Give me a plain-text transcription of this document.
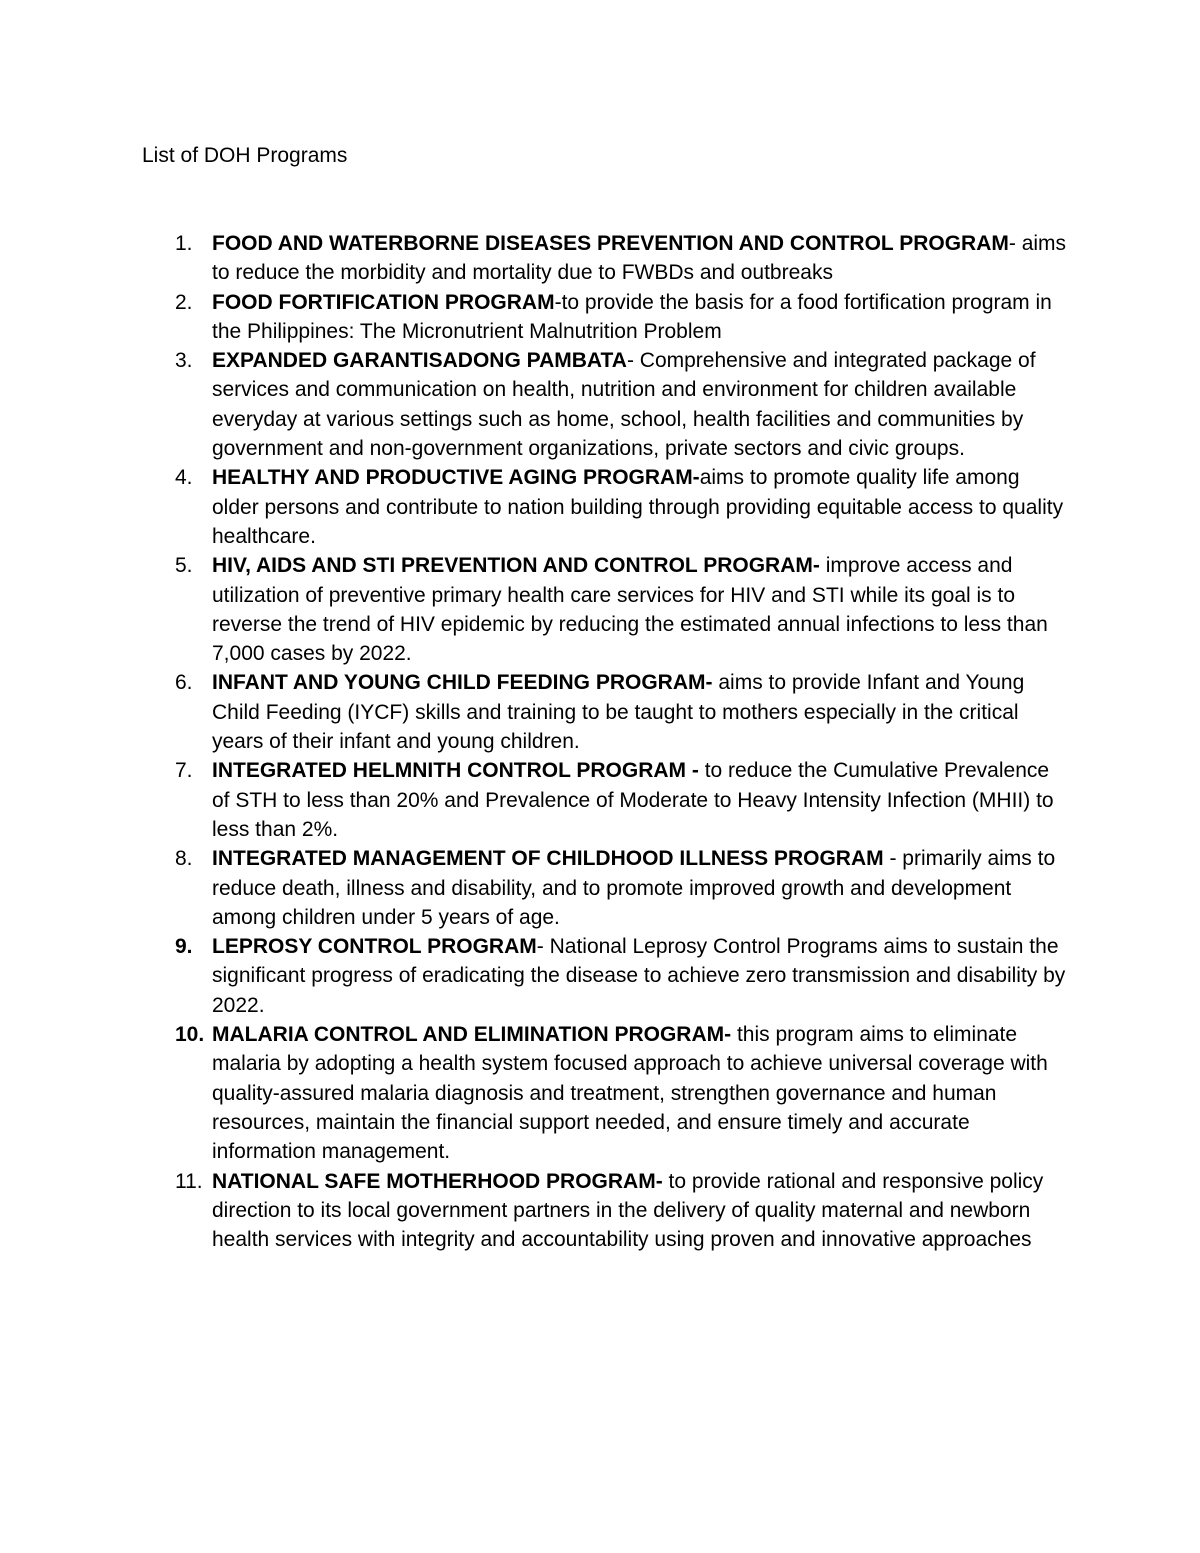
List of DOH Programs
1. FOOD AND WATERBORNE DISEASES PREVENTION AND CONTROL PROGRAM- aims to reduce the morbidity and mortality due to FWBDs and outbreaks
2. FOOD FORTIFICATION PROGRAM-to provide the basis for a food fortification program in the Philippines: The Micronutrient Malnutrition Problem
3. EXPANDED GARANTISADONG PAMBATA- Comprehensive and integrated package of services and communication on health, nutrition and environment for children available everyday at various settings such as home, school, health facilities and communities by government and non-government organizations, private sectors and civic groups.
4. HEALTHY AND PRODUCTIVE AGING PROGRAM-aims to promote quality life among older persons and contribute to nation building through providing equitable access to quality healthcare.
5. HIV, AIDS AND STI PREVENTION AND CONTROL PROGRAM- improve access and utilization of preventive primary health care services for HIV and STI while its goal is to reverse the trend of HIV epidemic by reducing the estimated annual infections to less than 7,000 cases by 2022.
6. INFANT AND YOUNG CHILD FEEDING PROGRAM- aims to provide Infant and Young Child Feeding (IYCF) skills and training to be taught to mothers especially in the critical years of their infant and young children.
7. INTEGRATED HELMNITH CONTROL PROGRAM - to reduce the Cumulative Prevalence of STH to less than 20% and Prevalence of Moderate to Heavy Intensity Infection (MHII) to less than 2%.
8. INTEGRATED MANAGEMENT OF CHILDHOOD ILLNESS PROGRAM - primarily aims to reduce death, illness and disability, and to promote improved growth and development among children under 5 years of age.
9. LEPROSY CONTROL PROGRAM- National Leprosy Control Programs aims to sustain the significant progress of eradicating the disease to achieve zero transmission and disability by 2022.
10. MALARIA CONTROL AND ELIMINATION PROGRAM- this program aims to eliminate malaria by adopting a health system focused approach to achieve universal coverage with quality-assured malaria diagnosis and treatment, strengthen governance and human resources, maintain the financial support needed, and ensure timely and accurate information management.
11. NATIONAL SAFE MOTHERHOOD PROGRAM- to provide rational and responsive policy direction to its local government partners in the delivery of quality maternal and newborn health services with integrity and accountability using proven and innovative approaches
